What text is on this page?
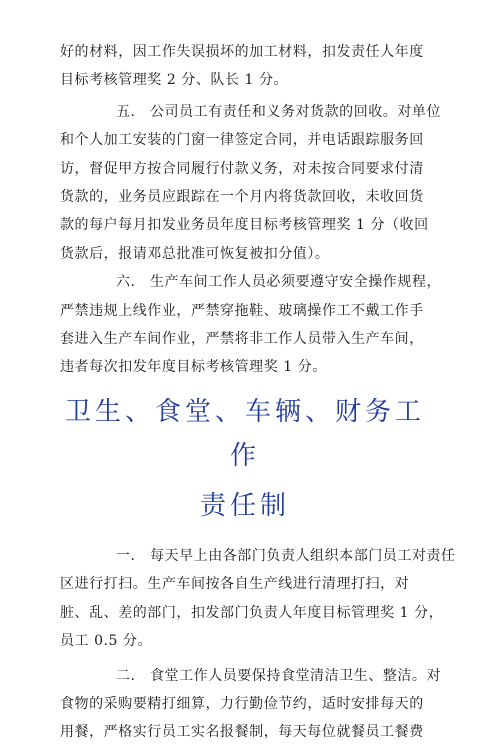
好的材料，因工作失误损坏的加工材料，扣发责任人年度
目标考核管理奖 2 分、队长 1 分。

五. 公司员工有责任和义务对货款的回收。对单位
和个人加工安装的门窗一律签定合同，并电话跟踪服务回
访，督促甲方按合同履行付款义务，对未按合同要求付清
货款的，业务员应跟踪在一个月内将货款回收，未收回货
款的每户每月扣发业务员年度目标考核管理奖 1 分（收回
货款后，报请邓总批准可恢复被扣分值）。

六. 生产车间工作人员必须要遵守安全操作规程，
严禁违规上线作业，严禁穿拖鞋、玻璃操作工不戴工作手
套进入生产车间作业，严禁将非工作人员带入生产车间，
违者每次扣发年度目标考核管理奖 1 分。

卫生、食堂、车辆、财务工作
责任制

一. 每天早上由各部门负责人组织本部门员工对责任
区进行打扫。生产车间按各自生产线进行清理打扫，对
脏、乱、差的部门，扣发部门负责人年度目标管理奖 1 分，
员工 0.5 分。

二. 食堂工作人员要保持食堂清洁卫生、整洁。对
食物的采购要精打细算，力行勤俭节约，适时安排每天的
用餐，严格实行员工实名报餐制，每天每位就餐员工餐费
